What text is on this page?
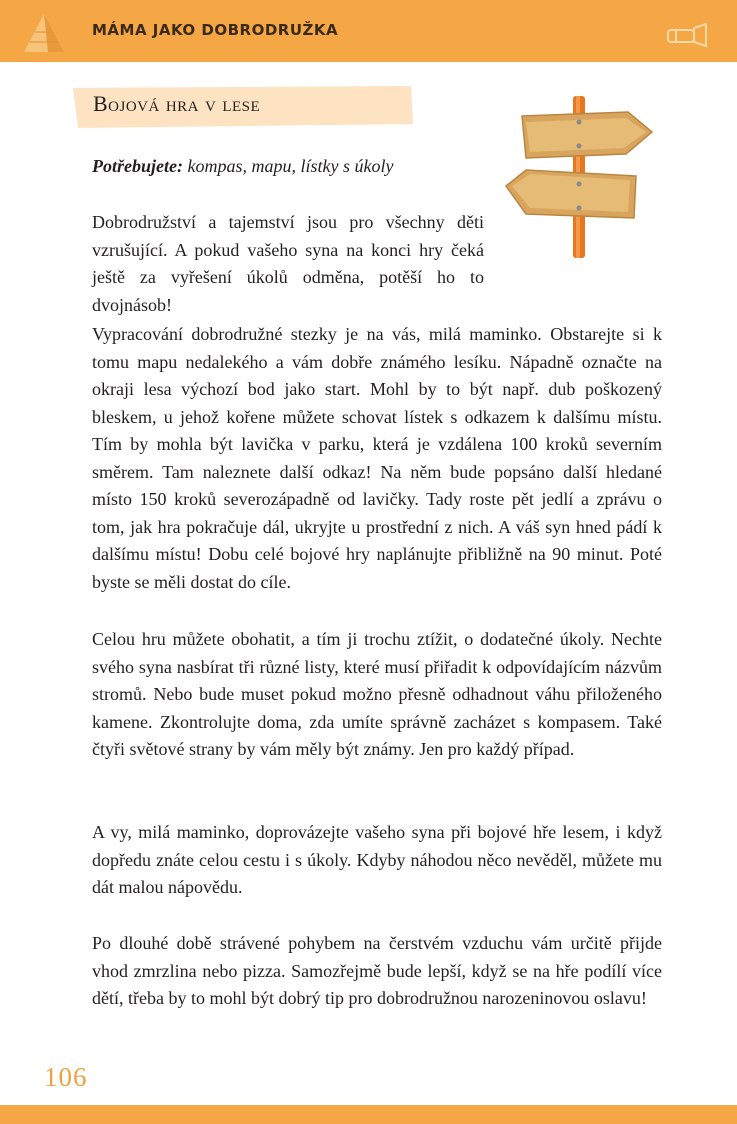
MÁMA JAKO DOBRODRUŽKA
Bojová hra v lese

Potřebujete: kompas, mapu, lístky s úkoly

Dobrodružství a tajemství jsou pro všechny děti vzrušující. A pokud vašeho syna na konci hry čeká ještě za vyřešení úkolů odměna, potěší ho to dvojnásob!

Vypracování dobrodružné stezky je na vás, milá maminko. Obstarejte si k tomu mapu nedalekého a vám dobře známého lesíku. Nápadně označte na okraji lesa výchozí bod jako start. Mohl by to být např. dub poškozený bleskem, u jehož kořene můžete schovat lístek s odkazem k dalšímu místu. Tím by mohla být lavička v parku, která je vzdálena 100 kroků severním směrem. Tam naleznete další odkaz! Na něm bude popsáno další hledané místo 150 kroků severozápadně od lavičky. Tady roste pět jedlí a zprávu o tom, jak hra pokračuje dál, ukryjte u prostřední z nich. A váš syn hned pádí k dalšímu místu! Dobu celé bojové hry naplánujte přibližně na 90 minut. Poté byste se měli dostat do cíle.

Celou hru můžete obohatit, a tím ji trochu ztížit, o dodatečné úkoly. Nechte svého syna nasbírat tři různé listy, které musí přiřadit k odpovídajícím názvům stromů. Nebo bude muset pokud možno přesně odhadnout váhu přiloženého kamene. Zkontrolujte doma, zda umíte správně zacházet s kompasem. Také čtyři světové strany by vám měly být známy. Jen pro každý případ.

A vy, milá maminko, doprovázejte vašeho syna při bojové hře lesem, i když dopředu znáte celou cestu i s úkoly. Kdyby náhodou něco nevěděl, můžete mu dát malou nápovědu.

Po dlouhé době strávené pohybem na čerstvém vzduchu vám určitě přijde vhod zmrzlina nebo pizza. Samozřejmě bude lepší, když se na hře podílí více dětí, třeba by to mohl být dobrý tip pro dobrodružnou narozeninovou oslavu!

106
